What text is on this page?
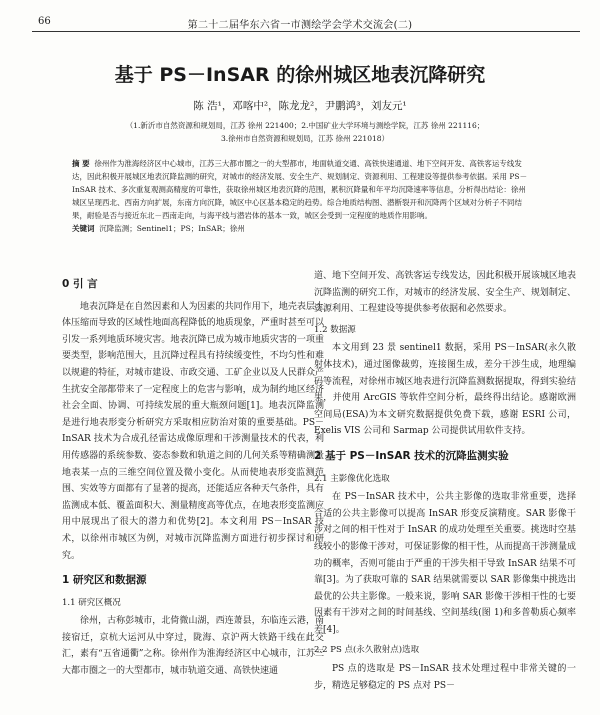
66	第二十二届华东六省一市测绘学会学术交流会(二)
基于 PS－InSAR 的徐州城区地表沉降研究
陈 浩¹，邓喀中²，陈龙龙²，尹鹏鸿³，刘友元¹
（1.新沂市自然资源和规划局，江苏 徐州 221400；2.中国矿业大学环境与测绘学院，江苏 徐州 221116；
3.徐州市自然资源和规划局，江苏 徐州 221018）
摘 要 徐州作为淮海经济区中心城市，江苏三大都市圈之一的大型都市，地面轨道交通、高铁快速通道、地下空间开发、高铁客运专线发达，因此积极开展城区地表沉降监测的研究，对城市的经济发展、安全生产、规划制定、资源利用、工程建设等提供参考依据。采用 PS－InSAR 技术、多次重复观测高精度的可靠性，获取徐州城区地表沉降的范围，累积沉降量和年平均沉降速率等信息，分析得出结论：徐州城区呈现西北、西南方向扩展，东南方向沉降，城区中心区基本稳定的趋势。综合地质结构图、潜断裂开和沉降两个区域对分析子不同结果，耐验是否与接近东北－西南走向，与海平线与潜岩体的基本一致，城区会受到一定程度的地质作用影响。
关键词 沉降监测；Sentinel1；PS；InSAR；徐州
0 引 言

地表沉降是在自然因素和人为因素的共同作用下，地壳表层土体压缩而导致的区域性地面高程降低的地质现象，严重时甚至可以引发一系列地质环境灾害。地表沉降已成为城市地质灾害的一项重要类型，影响范围大，且沉降过程具有持续缓变性，不均匀性和难以规避的特征，对城市建设、市政交通、工矿企业以及人民群众产生扰安全部都带来了一定程度上的危害与影响，成为制约地区经济社会全面、协调、可持续发展的重大瓶颈问题[1]。地表沉降监测是进行地表形变分析研究方采取相应防治对策的重要基础。PS－InSAR 技术为合成孔径雷达成像原理和干涉测量技术的代表，利用传感器的系统参数、姿态参数和轨道之间的几何关系等精确测量地表某一点的三维空间位置及微小变化。从而使地表形变监测范围、实效等方面都有了显著的提高，还能适应各种天气条件，具有监测成本低、覆盖面积大、测量精度高等优点，在地表形变监测应用中展现出了很大的潜力和优势[2]。本文利用 PS－InSAR 技术，以徐州市城区为例，对城市沉降监测方面进行初步探讨和研究。

1 研究区和数据源
1.1 研究区概况

徐州，古称彭城市，北倚微山湖，西连萧县，东临连云港，南接宿迁，京杭大运河从中穿过，陇海、京沪两大铁路干线在此交汇，素有“五省通衢”之称。徐州作为淮海经济区中心城市，江苏三大都市圈之一的大型都市，城市轨道交通、高铁快速通

道、地下空间开发、高铁客运专线发达，因此积极开展该城区地表沉降监测的研究工作，对城市的经济发展、安全生产、规划制定、资源利用、工程建设等提供参考依据和必然要求。

1.2 数据源

本文用到 23 景 sentinel1 数据，采用 PS－InSAR(永久散射体技术)，通过图像裁剪，连接图生成，差分干涉生成，地理编码等流程，对徐州市城区地表进行沉降监测数据提取，得到实验结果，并使用 ArcGIS 等软件空间分析，最终得出结论。感谢欧洲空间局(ESA)为本文研究数据提供免费下载，感谢 ESRI 公司，Exelis VIS 公司和 Sarmap 公司提供试用软件支持。

2 基于 PS－InSAR 技术的沉降监测实验
2.1 主影像优化选取

在 PS－InSAR 技术中，公共主影像的选取非常重要，选择合适的公共主影像可以提高 InSAR 形变反演精度。SAR 影像干涉对之间的相干性对于 InSAR 的成功处理至关重要。挑选时空基线较小的影像干涉对，可保证影像的相干性，从而提高干涉测量成功的概率，否则可能由于严重的干涉失相干导致 InSAR 结果不可靠[3]。为了获取可靠的 SAR 结果就需要以 SAR 影像集中挑选出最优的公共主影像。一般来说，影响 SAR 影像干涉相干性的七要因素有干涉对之间的时间基线、空间基线(图 1)和多普勒质心频率差[4]。

2.2 PS 点(永久散射点)选取

PS 点的选取是 PS－InSAR 技术处理过程中非常关键的一步，精选足够稳定的 PS 点对 PS－
